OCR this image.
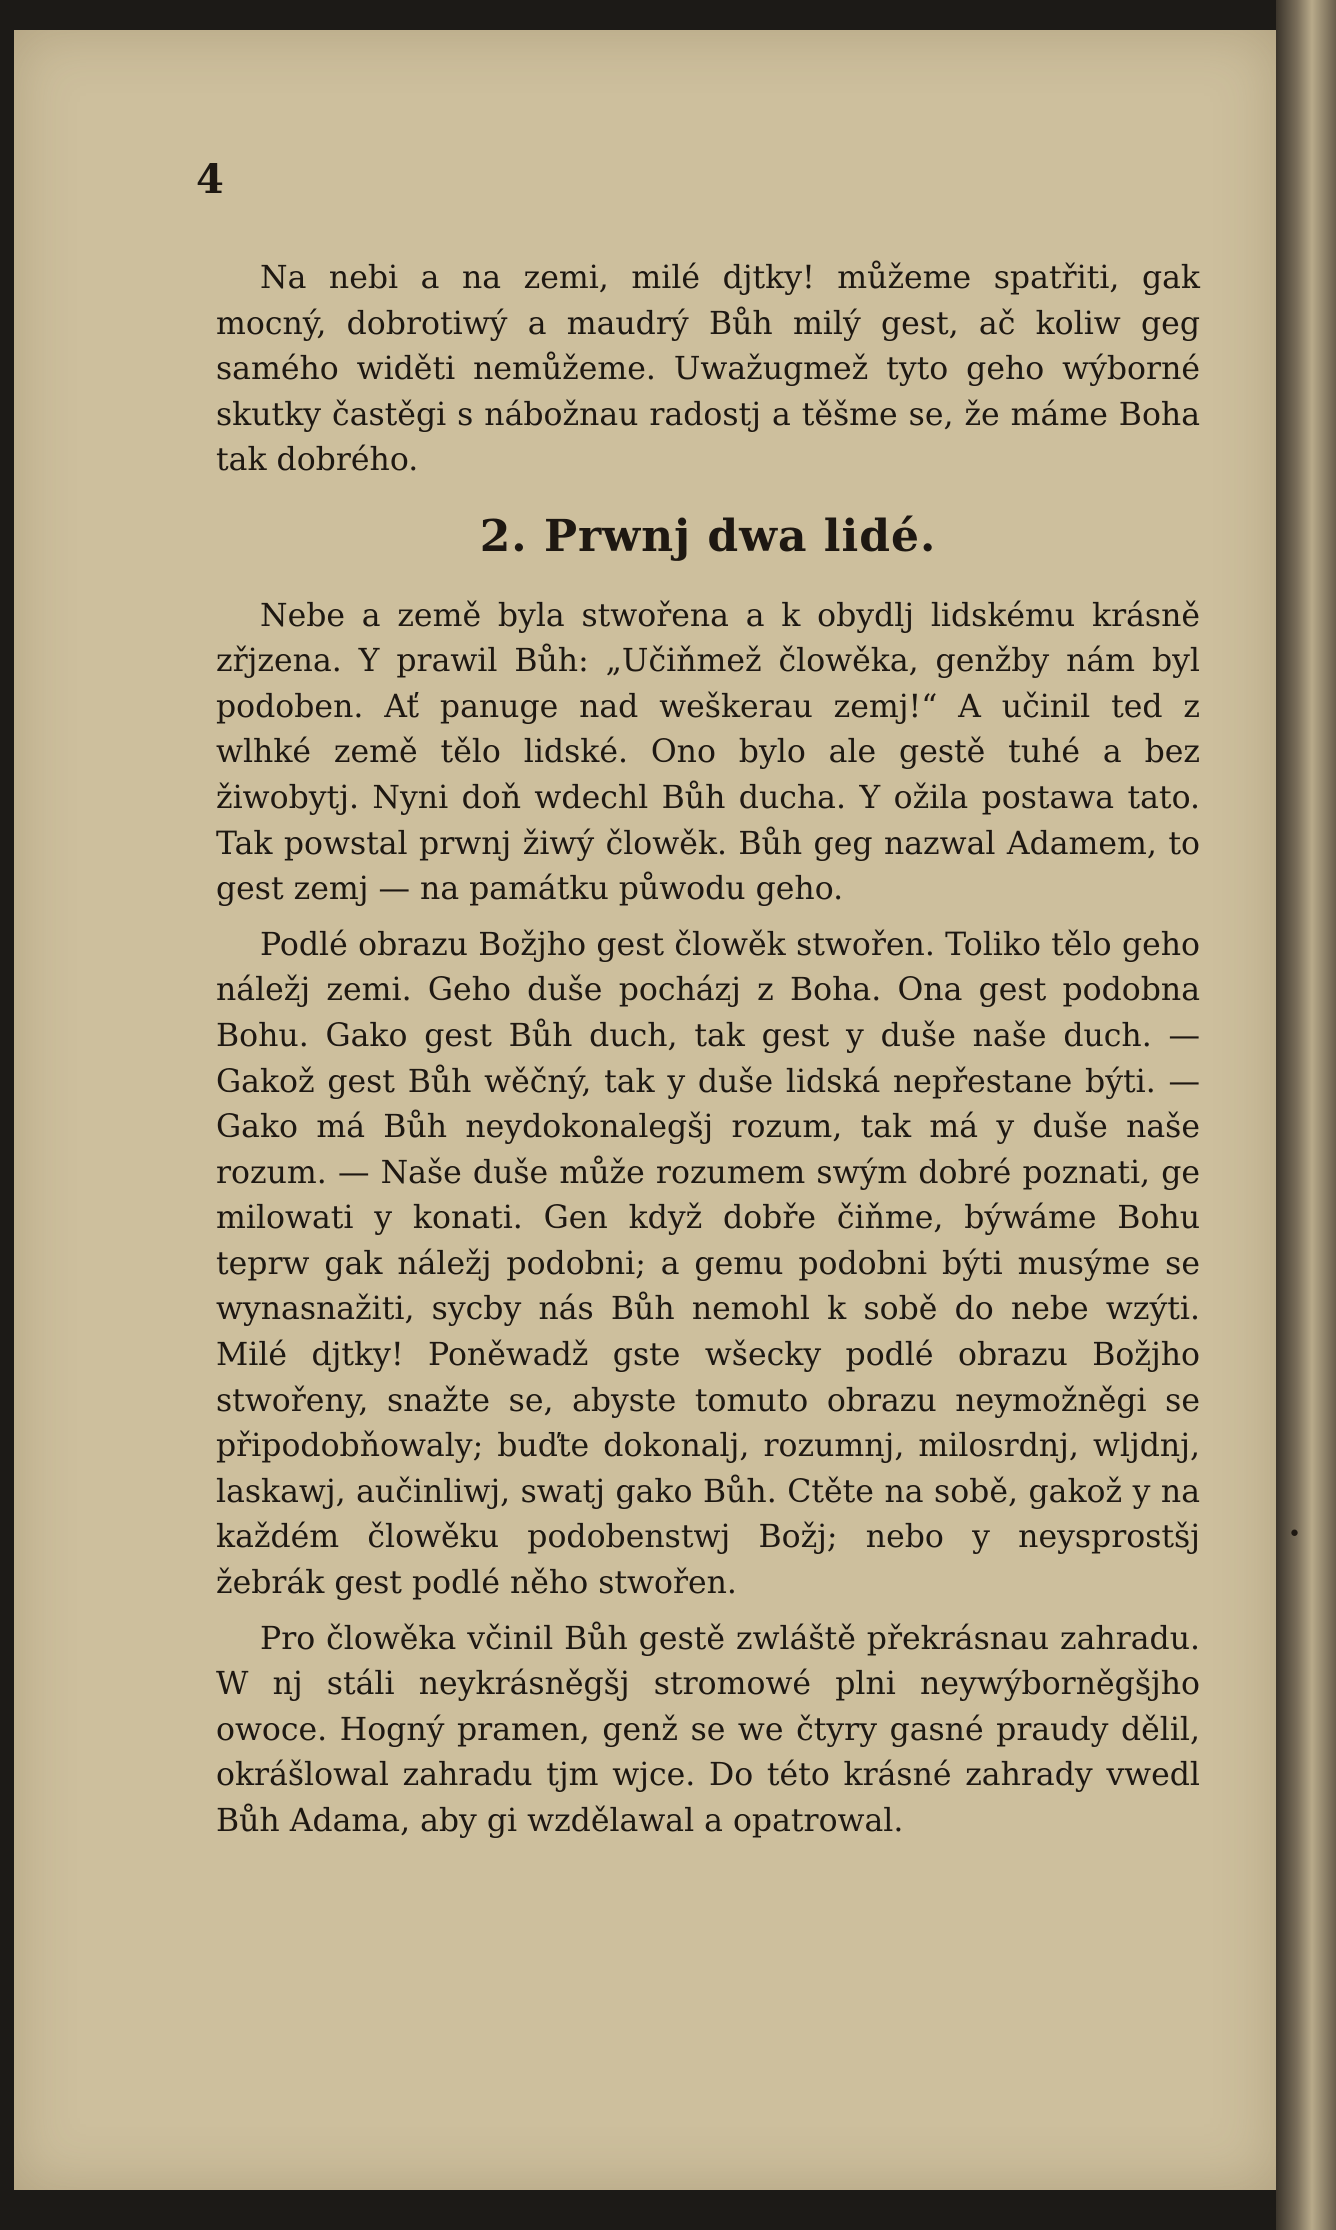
4

Na nebi a na zemi, milé djtky! můžeme spatřiti, gak mocný, dobrotiwý a maudrý Bůh milý gest, ač koliw geg samého widěti nemůžeme. Uwažugmež tyto geho wýborné skutky častěgi s nábožnau radostj a těšme se, že máme Boha tak dobrého.

2. Prwnj dwa lidé.

Nebe a země byla stwořena a k obydlj lidskému krásně zřjzena. Y prawil Bůh: „Učiňmež člowěka, genžby nám byl podoben. Ať panuge nad weškerau zemj!“ A učinil ted z wlhké země tělo lidské. Ono bylo ale gestě tuhé a bez žiwobytj. Nyni doň wdechl Bůh ducha. Y ožila postawa tato. Tak powstal prwnj žiwý člowěk. Bůh geg nazwal Adamem, to gest zemj — na památku půwodu geho.

Podlé obrazu Božjho gest člowěk stwořen. Toliko tělo geho náležj zemi. Geho duše pocházj z Boha. Ona gest podobna Bohu. Gako gest Bůh duch, tak gest y duše naše duch. — Gakož gest Bůh wěčný, tak y duše lidská nepřestane býti. — Gako má Bůh neydokonalegšj rozum, tak má y duše naše rozum. — Naše duše může rozumem swým dobré poznati, ge milowati y konati. Gen když dobře čiňme, býwáme Bohu teprw gak náležj podobni; a gemu podobni býti musýme se wynasnažiti, sycby nás Bůh nemohl k sobě do nebe wzýti. Milé djtky! Poněwadž gste wšecky podlé obrazu Božjho stwořeny, snažte se, abyste tomuto obrazu neymožněgi se připodobňowaly; buďte dokonalj, rozumnj, milosrdnj, wljdnj, laskawj, aučinliwj, swatj gako Bůh. Ctěte na sobě, gakož y na každém člowěku podobenstwj Božj; nebo y neysprostšj žebrák gest podlé něho stwořen.

Pro člowěka včinil Bůh gestě zwláště překrásnau zahradu. W nj stáli neykrásněgšj stromowé plni neywýborněgšjho owoce. Hogný pramen, genž se we čtyry gasné praudy dělil, okrášlowal zahradu tjm wjce. Do této krásné zahrady vwedl Bůh Adama, aby gi wzdělawal a opatrowal.

•
